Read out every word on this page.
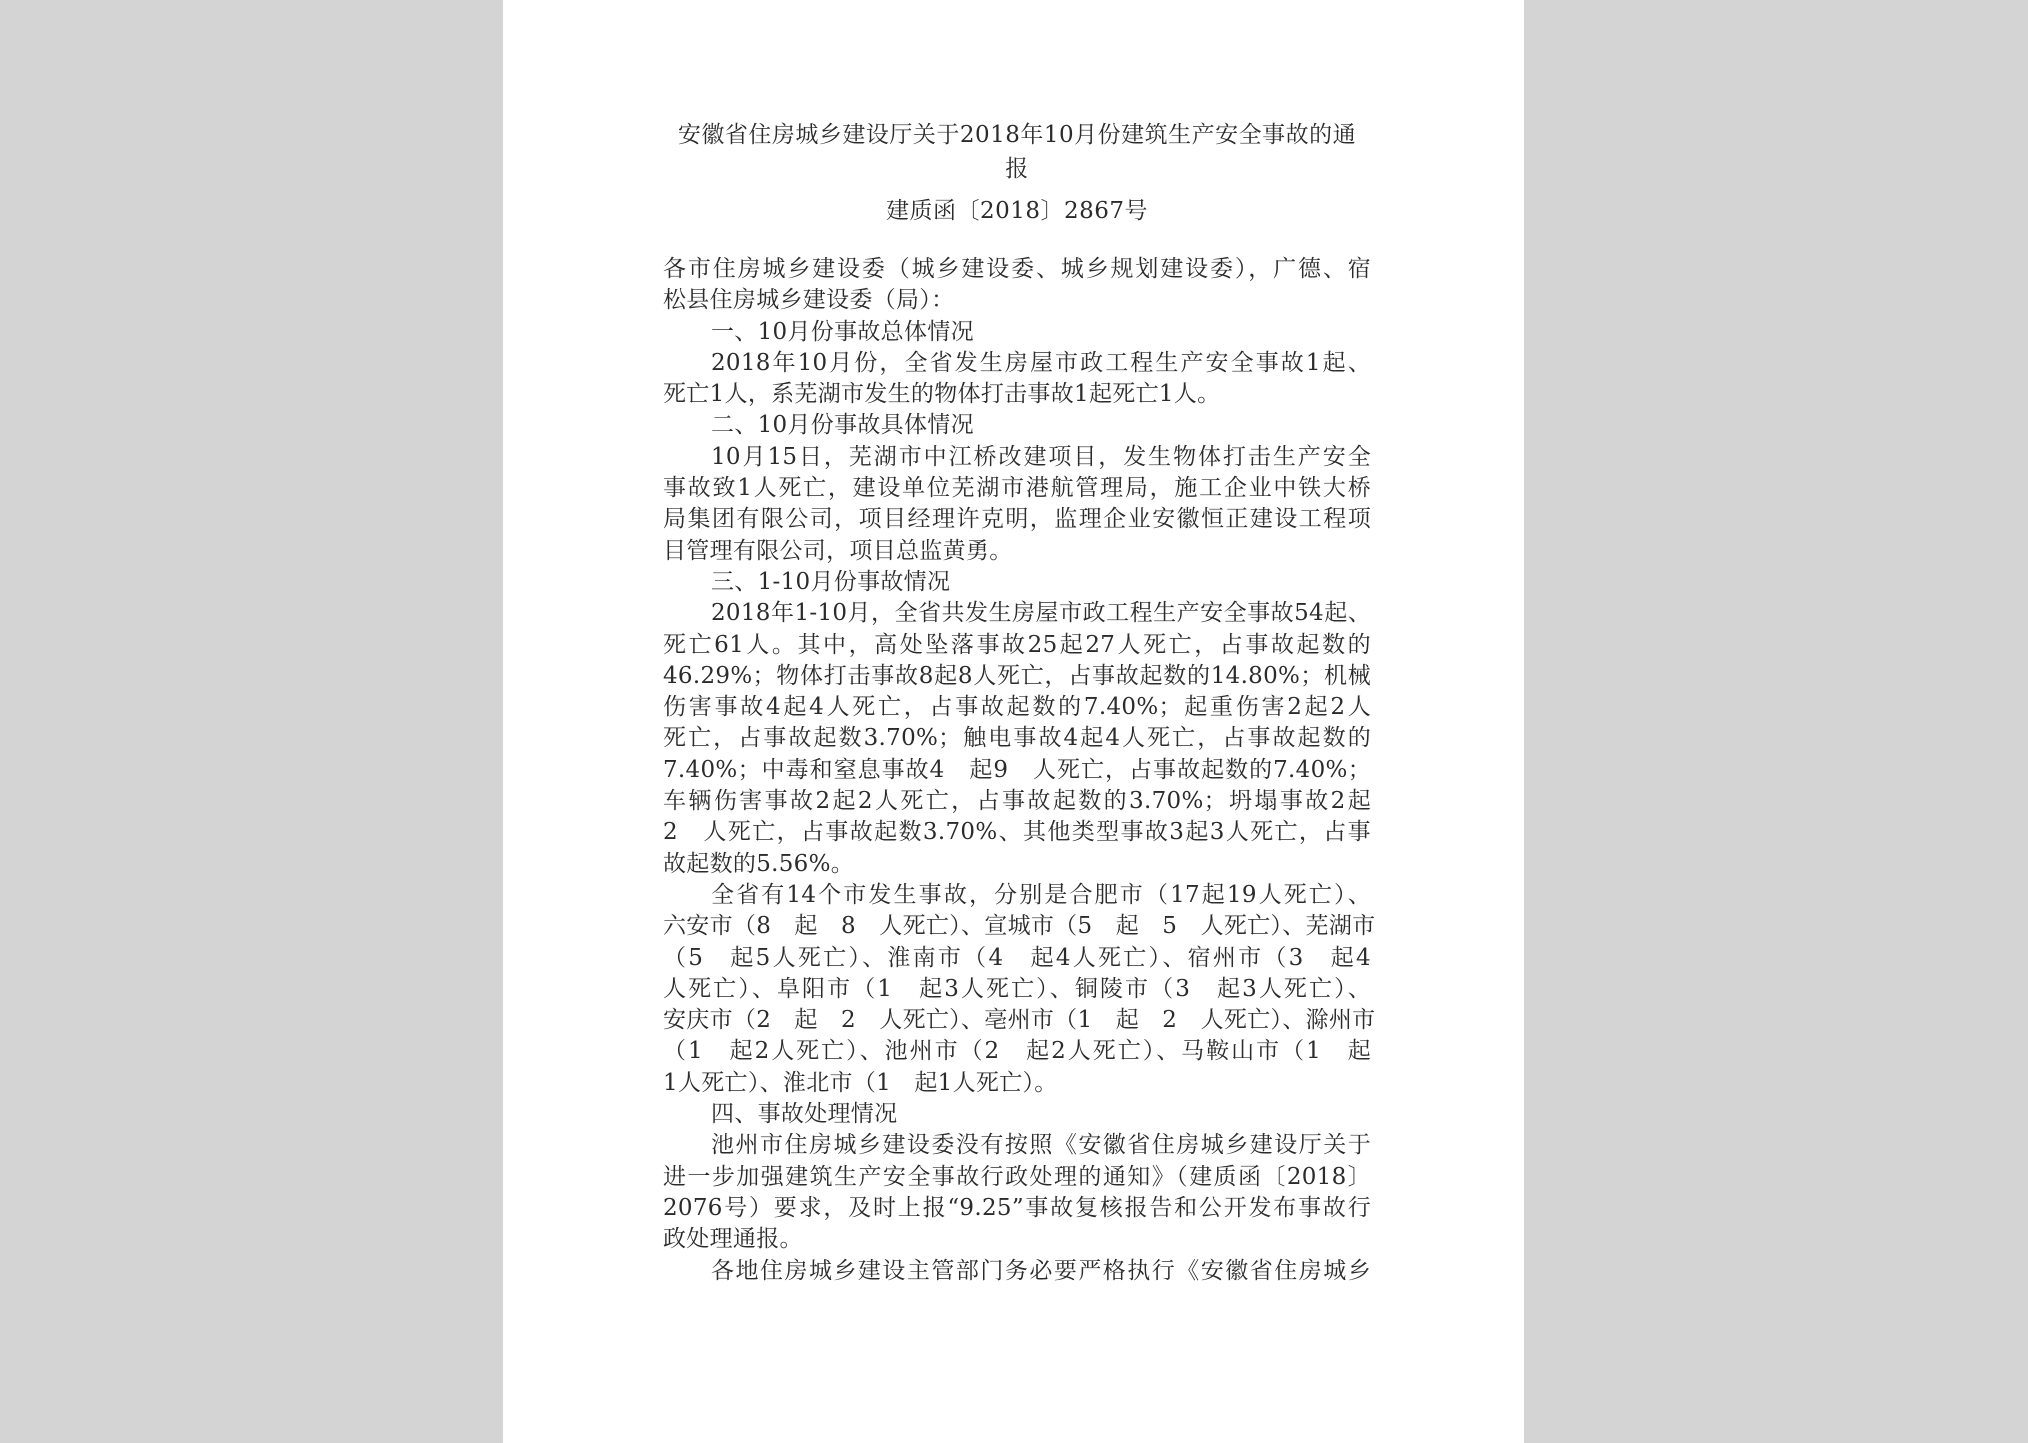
安徽省住房城乡建设厅关于2018年10月份建筑生产安全事故的通
报
建质函〔2018〕2867号
各市住房城乡建设委（城乡建设委、城乡规划建设委），广德、宿
松县住房城乡建设委（局）：
一、10月份事故总体情况
2018年10月份，全省发生房屋市政工程生产安全事故1起、
死亡1人，系芜湖市发生的物体打击事故1起死亡1人。
二、10月份事故具体情况
10月15日，芜湖市中江桥改建项目，发生物体打击生产安全
事故致1人死亡，建设单位芜湖市港航管理局，施工企业中铁大桥
局集团有限公司，项目经理许克明，监理企业安徽恒正建设工程项
目管理有限公司，项目总监黄勇。
三、1-10月份事故情况
2018年1-10月，全省共发生房屋市政工程生产安全事故54起、
死亡61人。其中，高处坠落事故25起27人死亡，占事故起数的
46.29%；物体打击事故8起8人死亡，占事故起数的14.80%；机械
伤害事故4起4人死亡，占事故起数的7.40%；起重伤害2起2人
死亡，占事故起数3.70%；触电事故4起4人死亡，占事故起数的
7.40%；中毒和窒息事故4　起9　人死亡，占事故起数的7.40%；
车辆伤害事故2起2人死亡，占事故起数的3.70%；坍塌事故2起
2　人死亡，占事故起数3.70%、其他类型事故3起3人死亡，占事
故起数的5.56%。
全省有14个市发生事故，分别是合肥市（17起19人死亡）、
六安市（8　起　8　人死亡）、宣城市（5　起　5　人死亡）、芜湖市
（5　起5人死亡）、淮南市（4　起4人死亡）、宿州市（3　起4
人死亡）、阜阳市（1　起3人死亡）、铜陵市（3　起3人死亡）、
安庆市（2　起　2　人死亡）、亳州市（1　起　2　人死亡）、滁州市
（1　起2人死亡）、池州市（2　起2人死亡）、马鞍山市（1　起
1人死亡）、淮北市（1　起1人死亡）。
四、事故处理情况
池州市住房城乡建设委没有按照《安徽省住房城乡建设厅关于
进一步加强建筑生产安全事故行政处理的通知》（建质函〔2018〕
2076号）要求，及时上报“9.25”事故复核报告和公开发布事故行
政处理通报。
各地住房城乡建设主管部门务必要严格执行《安徽省住房城乡
